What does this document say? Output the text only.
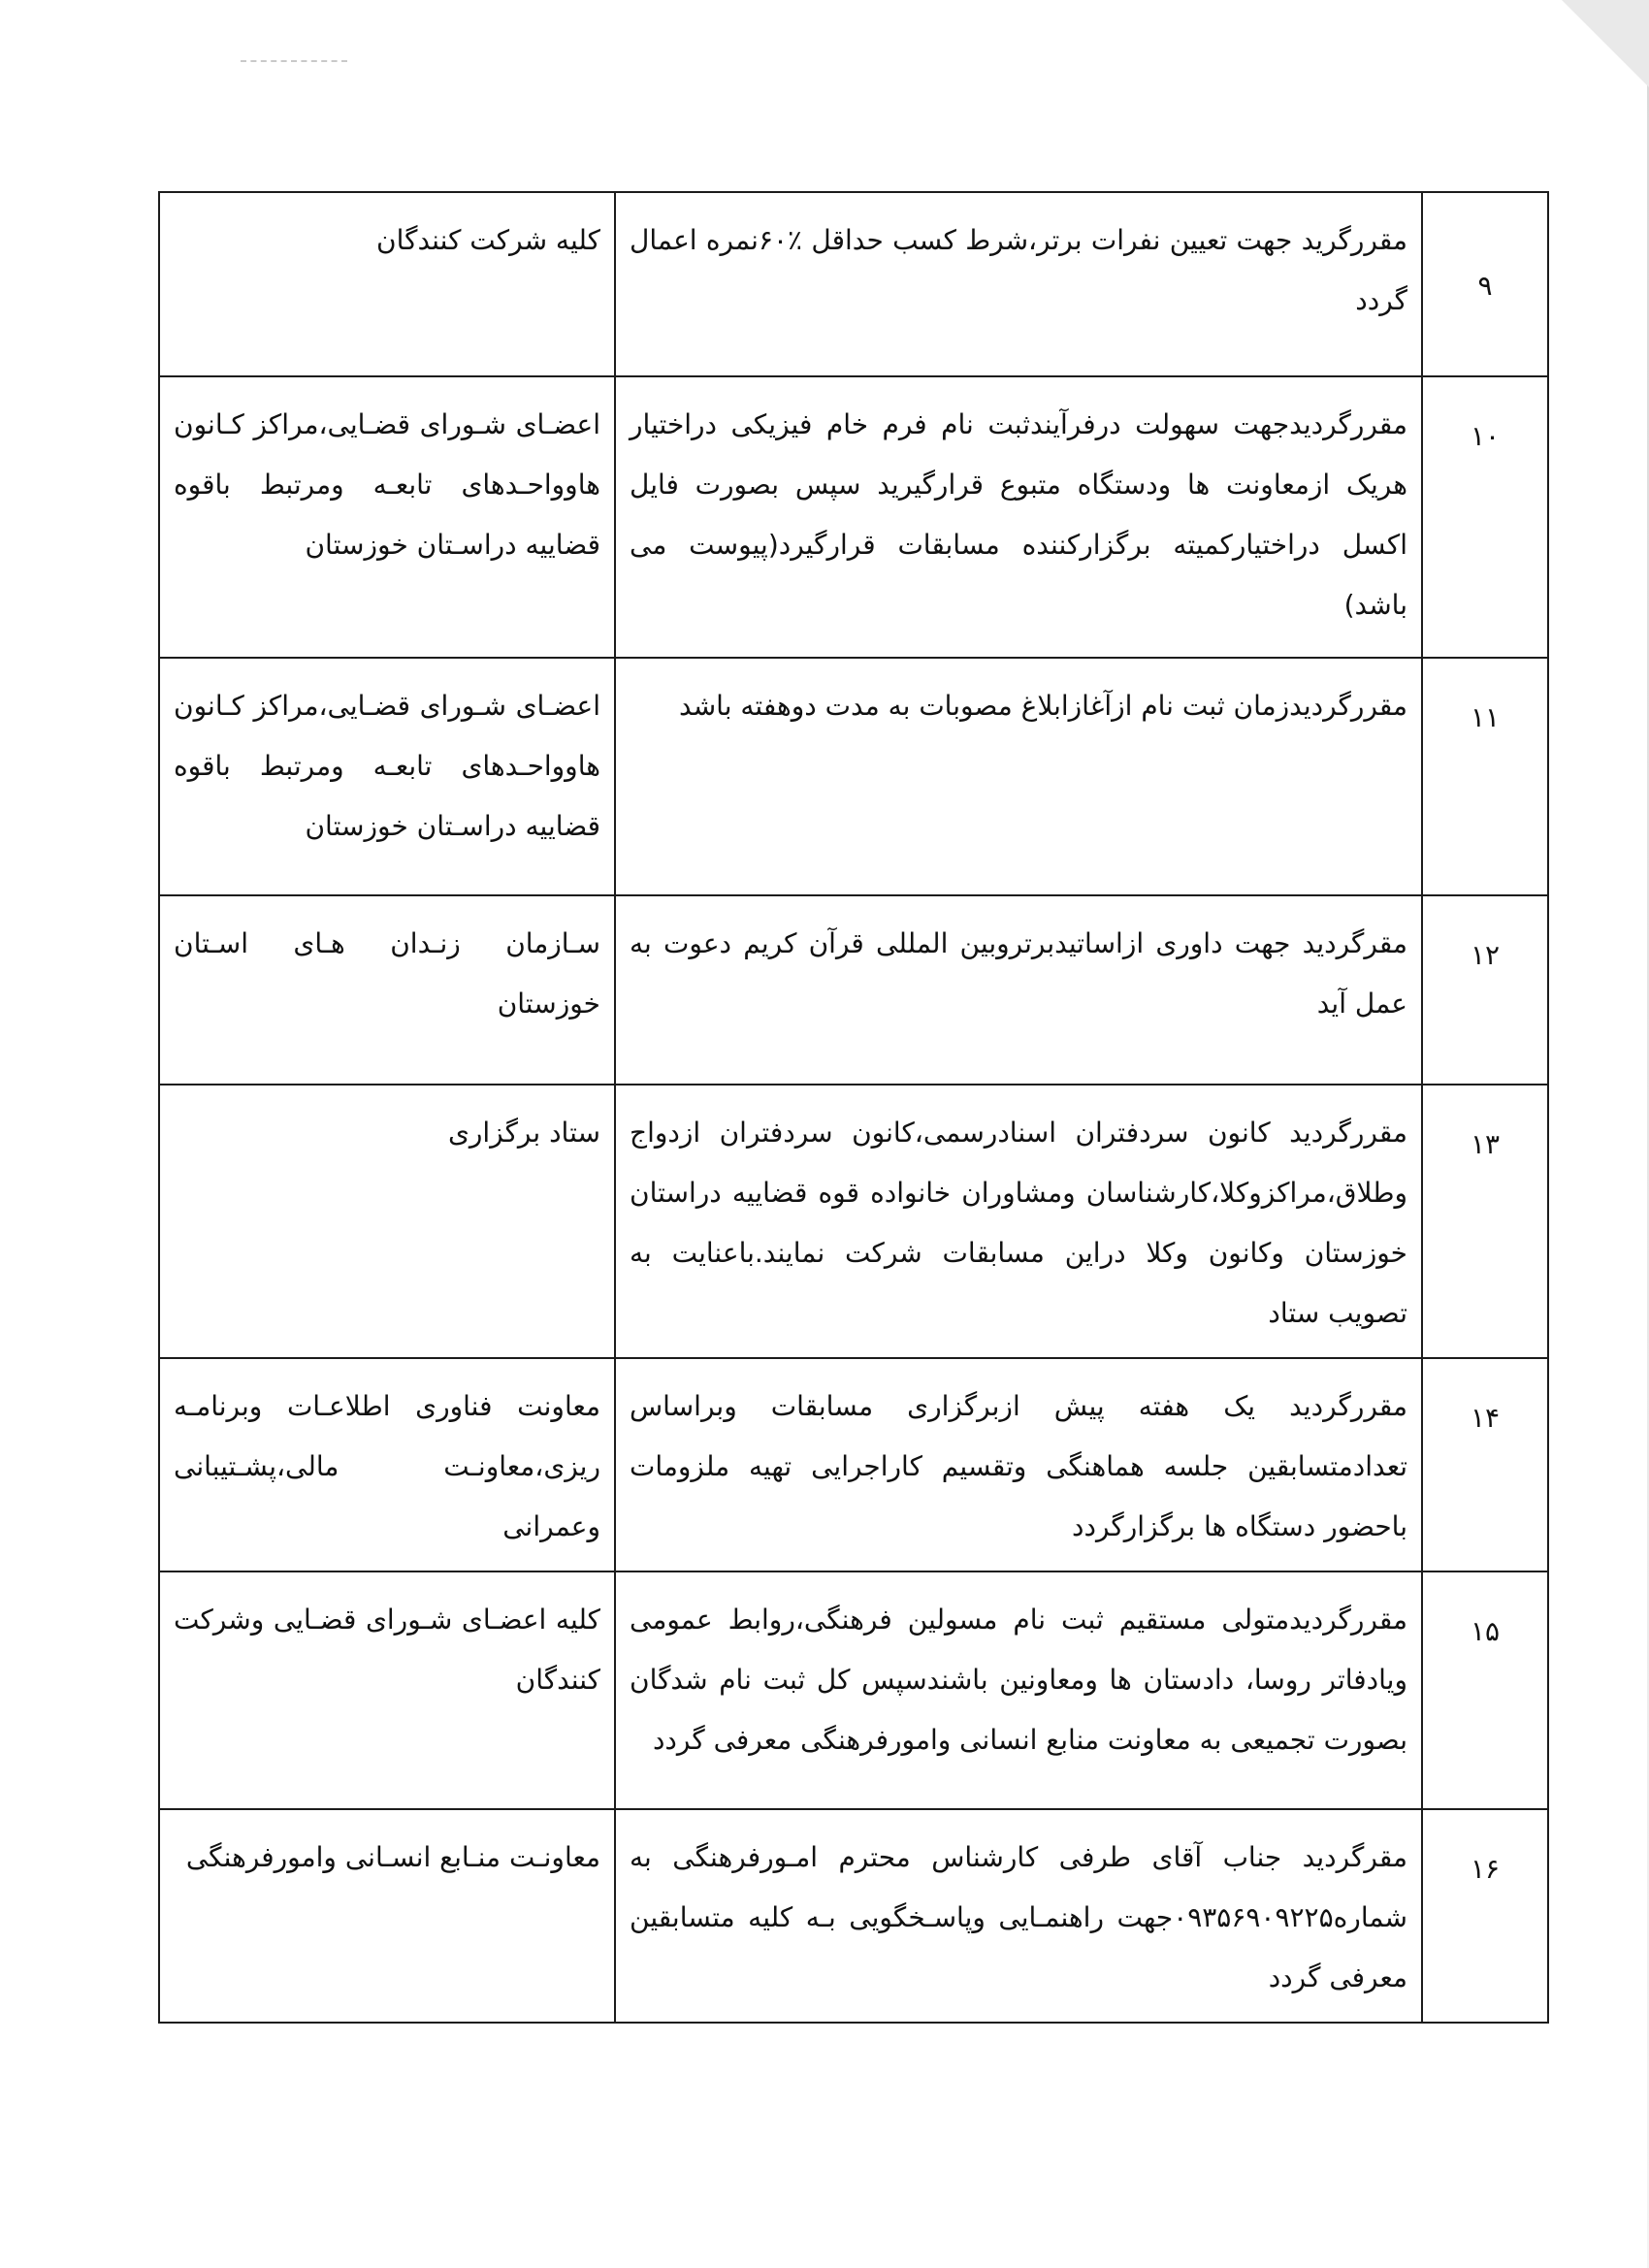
۹	مقررگرید جهت تعیین نفرات برتر،شرط کسب حداقل ٪۶۰نمره اعمال گردد	کلیه شرکت کنندگان
۱۰	مقررگردیدجهت سهولت درفرآیندثبت نام فرم خام فیزیکی دراختیار هریک ازمعاونت ها ودستگاه متبوع قرارگیرید سپس بصورت فایل اکسل دراختیارکمیته برگزارکننده مسابقات قرارگیرد(پیوست می باشد)	اعضـای شـورای قضـایی،مراکز کـانون هاوواحـدهای تابعـه ومرتبط باقوه قضاییه دراسـتان خوزستان
۱۱	مقررگردیدزمان ثبت نام ازآغازابلاغ مصوبات به مدت دوهفته باشد	اعضـای شـورای قضـایی،مراکز کـانون هاوواحـدهای تابعـه ومرتبط باقوه قضاییه دراسـتان خوزستان
۱۲	مقرگردید جهت داوری ازاساتیدبرتروبین المللی قرآن کریم دعوت به عمل آید	سـازمان زنـدان هـای اسـتان خوزستان
۱۳	مقررگردید کانون سردفتران اسنادرسمی،کانون سردفتران ازدواج وطلاق،مراکزوکلا،کارشناسان ومشاوران خانواده قوه قضاییه دراستان خوزستان وکانون وکلا دراین مسابقات شرکت نمایند.باعنایت به تصویب ستاد	ستاد برگزاری
۱۴	مقررگردید یک هفته پیش ازبرگزاری مسابقات وبراساس تعدادمتسابقین جلسه هماهنگی وتقسیم کاراجرایی تهیه ملزومات باحضور دستگاه ها برگزارگردد	معاونت فناوری اطلاعـات وبرنامـه ریزی،معاونـت مالی،پشـتیبانی وعمرانی
۱۵	مقررگردیدمتولی مستقیم ثبت نام مسولین فرهنگی،روابط عمومی ویادفاتر روسا، دادستان ها ومعاونین باشندسپس کل ثبت نام شدگان بصورت تجمیعی به معاونت منابع انسانی وامورفرهنگی معرفی گردد	کلیه اعضـای شـورای قضـایی وشرکت کنندگان
۱۶	مقرگردید جناب آقای طرفی کارشناس محترم امـورفرهنگی به شماره۰۹۳۵۶۹۰۹۲۲۵جهت راهنمـایی وپاسـخگویی بـه کلیه متسابقین معرفی گردد	معاونـت منـابع انسـانی وامورفرهنگی
